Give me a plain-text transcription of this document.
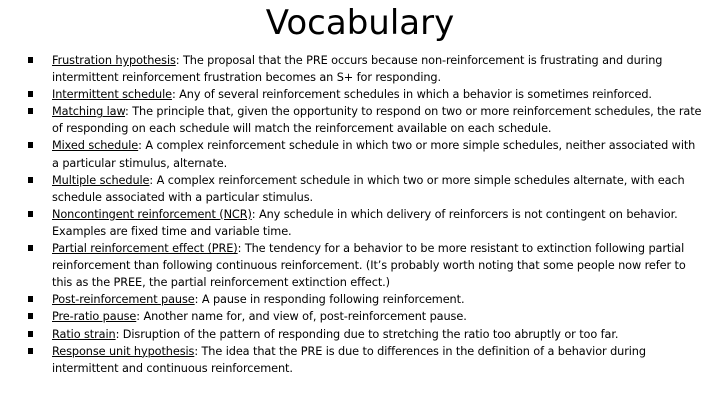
Vocabulary
Frustration hypothesis: The proposal that the PRE occurs because non-reinforcement is frustrating and during intermittent reinforcement frustration becomes an S+ for responding.
Intermittent schedule: Any of several reinforcement schedules in which a behavior is sometimes reinforced.
Matching law: The principle that, given the opportunity to respond on two or more reinforcement schedules, the rate of responding on each schedule will match the reinforcement available on each schedule.
Mixed schedule: A complex reinforcement schedule in which two or more simple schedules, neither associated with a particular stimulus, alternate.
Multiple schedule: A complex reinforcement schedule in which two or more simple schedules alternate, with each schedule associated with a particular stimulus.
Noncontingent reinforcement (NCR): Any schedule in which delivery of reinforcers is not contingent on behavior. Examples are fixed time and variable time.
Partial reinforcement effect (PRE): The tendency for a behavior to be more resistant to extinction following partial reinforcement than following continuous reinforcement. (It’s probably worth noting that some people now refer to this as the PREE, the partial reinforcement extinction effect.)
Post-reinforcement pause: A pause in responding following reinforcement.
Pre-ratio pause: Another name for, and view of, post-reinforcement pause.
Ratio strain: Disruption of the pattern of responding due to stretching the ratio too abruptly or too far.
Response unit hypothesis: The idea that the PRE is due to differences in the definition of a behavior during intermittent and continuous reinforcement.
